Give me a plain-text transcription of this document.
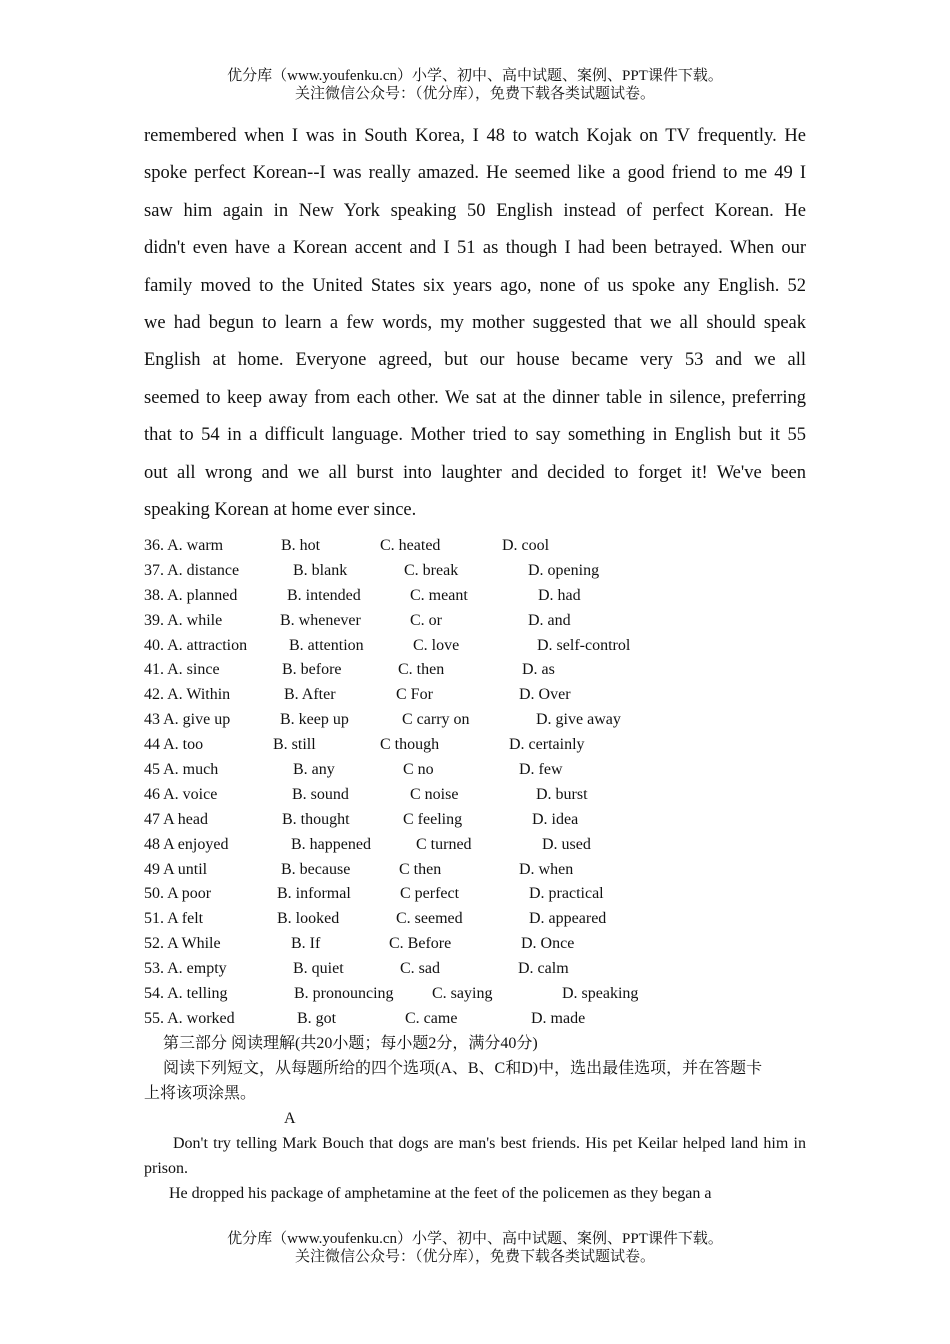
优分库（www.youfenku.cn）小学、初中、高中试题、案例、PPT课件下载。
关注微信公众号：（优分库），免费下载各类试题试卷。
remembered when I was in South Korea, I 48 to watch Kojak on TV frequently. He
spoke perfect Korean--I was really amazed. He seemed like a good friend to me 49 I
saw him again in New York speaking 50 English instead of perfect Korean. He
didn't even have a Korean accent and I 51 as though I had been betrayed. When our
family moved to the United States six years ago, none of us spoke any English. 52
we had begun to learn a few words, my mother suggested that we all should speak
English at home. Everyone agreed, but our house became very 53 and we all
seemed to keep away from each other. We sat at the dinner table in silence, preferring
that to 54 in a difficult language. Mother tried to say something in English but it 55
out all wrong and we all burst into laughter and decided to forget it! We've been
speaking Korean at home ever since.
36. A. warm	B. hot	C. heated	D. cool
37. A. distance	B. blank	C. break	D. opening
38. A. planned	B. intended	C. meant	D. had
39. A. while	B. whenever	C. or	D. and
40. A. attraction	B. attention	C. love	D. self-control
41. A. since	B. before	C. then	D. as
42. A. Within	B. After	C For	D. Over
43 A. give up	B. keep up	C carry on	D. give away
44 A. too	B. still	C though	D. certainly
45 A. much	B. any	C no	D. few
46 A. voice	B. sound	C noise	D. burst
47 A head	B. thought	C feeling	D. idea
48 A enjoyed	B. happened	C turned	D. used
49 A until	B. because	C then	D. when
50. A poor	B. informal	C perfect	D. practical
51. A felt	B. looked	C. seemed	D. appeared
52. A While	B. If	C. Before	D. Once
53. A. empty	B. quiet	C. sad	D. calm
54. A. telling	B. pronouncing C. saying	D. speaking
55. A. worked	B. got	C. came	D. made
第三部分 阅读理解(共20小题；每小题2分，满分40分)
阅读下列短文，从每题所给的四个选项(A、B、C和D)中，选出最佳选项，并在答题卡
上将该项涂黑。
A
Don't try telling Mark Bouch that dogs are man's best friends. His pet Keilar helped land him in prison.
He dropped his package of amphetamine at the feet of the policemen as they began a
优分库（www.youfenku.cn）小学、初中、高中试题、案例、PPT课件下载。
关注微信公众号：（优分库），免费下载各类试题试卷。
